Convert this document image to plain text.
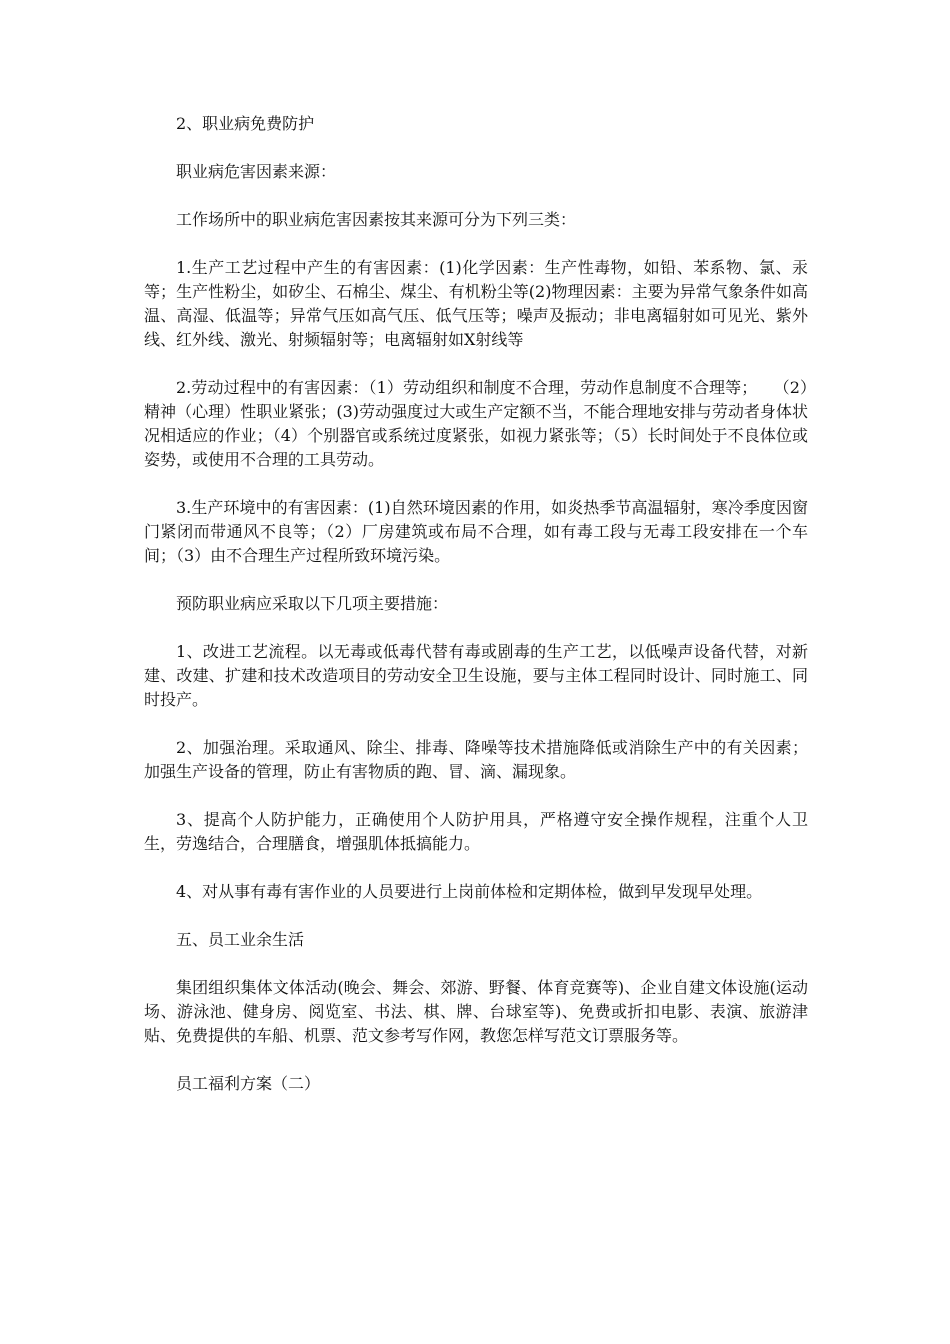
2、职业病免费防护

职业病危害因素来源：

工作场所中的职业病危害因素按其来源可分为下列三类：

1.生产工艺过程中产生的有害因素：(1)化学因素：生产性毒物，如铅、苯系物、氯、汞等；生产性粉尘，如矽尘、石棉尘、煤尘、有机粉尘等(2)物理因素：主要为异常气象条件如高温、高湿、低温等；异常气压如高气压、低气压等；噪声及振动；非电离辐射如可见光、紫外线、红外线、激光、射频辐射等；电离辐射如X射线等

2.劳动过程中的有害因素：（1）劳动组织和制度不合理，劳动作息制度不合理等；　　（2）精神（心理）性职业紧张；(3)劳动强度过大或生产定额不当，不能合理地安排与劳动者身体状况相适应的作业；（4）个别器官或系统过度紧张，如视力紧张等；（5）长时间处于不良体位或姿势，或使用不合理的工具劳动。

3.生产环境中的有害因素：(1)自然环境因素的作用，如炎热季节高温辐射，寒冷季度因窗门紧闭而带通风不良等；（2）厂房建筑或布局不合理，如有毒工段与无毒工段安排在一个车间；（3）由不合理生产过程所致环境污染。

预防职业病应采取以下几项主要措施：

1、改进工艺流程。以无毒或低毒代替有毒或剧毒的生产工艺，以低噪声设备代替，对新建、改建、扩建和技术改造项目的劳动安全卫生设施，要与主体工程同时设计、同时施工、同时投产。

2、加强治理。采取通风、除尘、排毒、降噪等技术措施降低或消除生产中的有关因素；加强生产设备的管理，防止有害物质的跑、冒、滴、漏现象。

3、提高个人防护能力，正确使用个人防护用具，严格遵守安全操作规程，注重个人卫生，劳逸结合，合理膳食，增强肌体抵搞能力。

4、对从事有毒有害作业的人员要进行上岗前体检和定期体检，做到早发现早处理。

五、员工业余生活

集团组织集体文体活动(晚会、舞会、郊游、野餐、体育竞赛等)、企业自建文体设施(运动场、游泳池、健身房、阅览室、书法、棋、牌、台球室等)、免费或折扣电影、表演、旅游津贴、免费提供的车船、机票、范文参考写作网，教您怎样写范文订票服务等。

员工福利方案（二）
